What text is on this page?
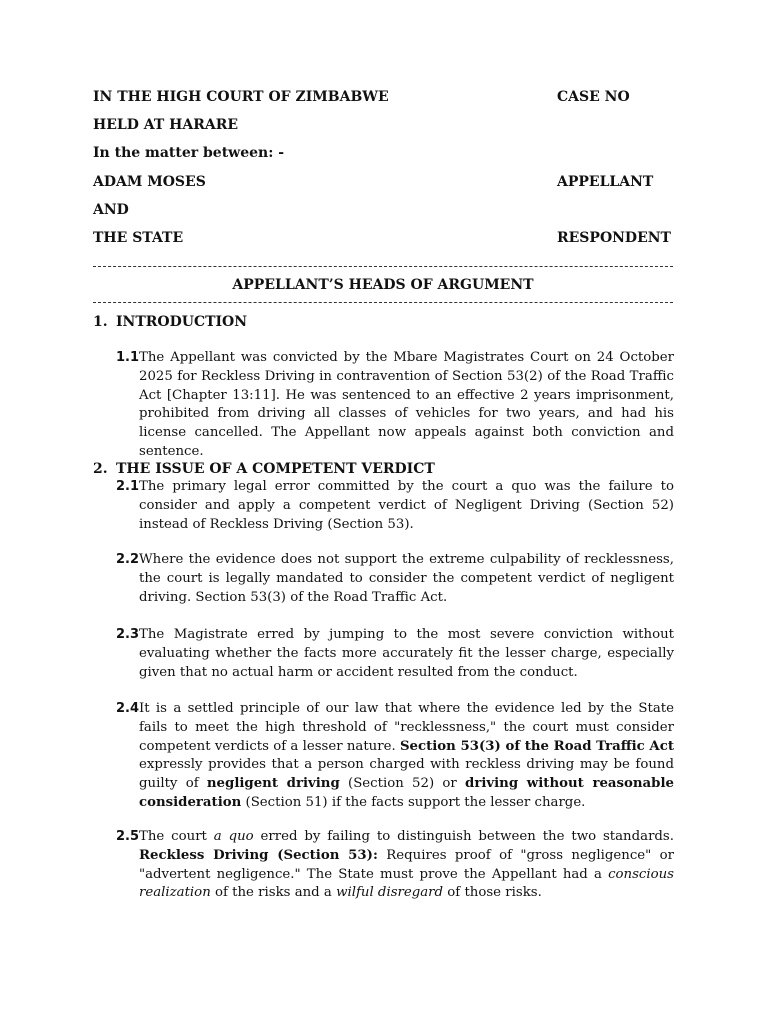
IN THE HIGH COURT OF ZIMBABWE	CASE NO
HELD AT HARARE
In the matter between: -
ADAM MOSES	APPELLANT
AND
THE STATE	RESPONDENT
APPELLANT’S HEADS OF ARGUMENT
1. INTRODUCTION
1.1 The Appellant was convicted by the Mbare Magistrates Court on 24 October 2025 for Reckless Driving in contravention of Section 53(2) of the Road Traffic Act [Chapter 13:11]. He was sentenced to an effective 2 years imprisonment, prohibited from driving all classes of vehicles for two years, and had his license cancelled. The Appellant now appeals against both conviction and sentence.
2. THE ISSUE OF A COMPETENT VERDICT
2.1 The primary legal error committed by the court a quo was the failure to consider and apply a competent verdict of Negligent Driving (Section 52) instead of Reckless Driving (Section 53).
2.2 Where the evidence does not support the extreme culpability of recklessness, the court is legally mandated to consider the competent verdict of negligent driving. Section 53(3) of the Road Traffic Act.
2.3 The Magistrate erred by jumping to the most severe conviction without evaluating whether the facts more accurately fit the lesser charge, especially given that no actual harm or accident resulted from the conduct.
2.4 It is a settled principle of our law that where the evidence led by the State fails to meet the high threshold of "recklessness," the court must consider competent verdicts of a lesser nature. Section 53(3) of the Road Traffic Act expressly provides that a person charged with reckless driving may be found guilty of negligent driving (Section 52) or driving without reasonable consideration (Section 51) if the facts support the lesser charge.
2.5 The court a quo erred by failing to distinguish between the two standards. Reckless Driving (Section 53): Requires proof of "gross negligence" or "advertent negligence." The State must prove the Appellant had a conscious realization of the risks and a wilful disregard of those risks.
